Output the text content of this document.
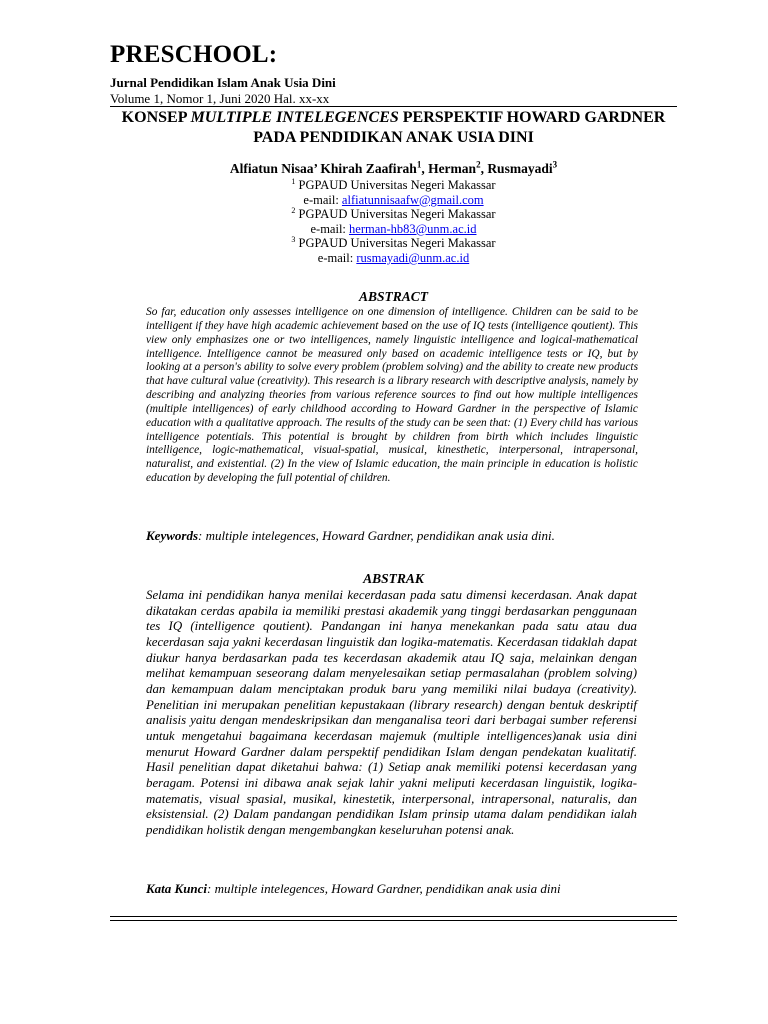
PRESCHOOL:
Jurnal Pendidikan Islam Anak Usia Dini
Volume 1, Nomor 1, Juni 2020 Hal. xx-xx
KONSEP MULTIPLE INTELEGENCES PERSPEKTIF HOWARD GARDNER PADA PENDIDIKAN ANAK USIA DINI
Alfiatun Nisaa’ Khirah Zaafirah$^1$, Herman$^2$, Rusmayadi$^3$
$^1$ PGPAUD Universitas Negeri Makassar
e-mail: alfiatunnisaafw@gmail.com
$^2$ PGPAUD Universitas Negeri Makassar
e-mail: herman-hb83@unm.ac.id
$^3$ PGPAUD Universitas Negeri Makassar
e-mail: rusmayadi@unm.ac.id
ABSTRACT

So far, education only assesses intelligence on one dimension of intelligence. Children can be said to be intelligent if they have high academic achievement based on the use of IQ tests (intelligence qoutient). This view only emphasizes one or two intelligences, namely linguistic intelligence and logical-mathematical intelligence. Intelligence cannot be measured only based on academic intelligence tests or IQ, but by looking at a person's ability to solve every problem (problem solving) and the ability to create new products that have cultural value (creativity). This research is a library research with descriptive analysis, namely by describing and analyzing theories from various reference sources to find out how multiple intelligences (multiple intelligences) of early childhood according to Howard Gardner in the perspective of Islamic education with a qualitative approach. The results of the study can be seen that: (1) Every child has various intelligence potentials. This potential is brought by children from birth which includes linguistic intelligence, logic-mathematical, visual-spatial, musical, kinesthetic, interpersonal, intrapersonal, naturalist, and existential. (2) In the view of Islamic education, the main principle in education is holistic education by developing the full potential of children.

Keywords: multiple intelegences, Howard Gardner, pendidikan anak usia dini.
ABSTRAK

Selama ini pendidikan hanya menilai kecerdasan pada satu dimensi kecerdasan. Anak dapat dikatakan cerdas apabila ia memiliki prestasi akademik yang tinggi berdasarkan penggunaan tes IQ (intelligence qoutient). Pandangan ini hanya menekankan pada satu atau dua kecerdasan saja yakni kecerdasan linguistik dan logika-matematis. Kecerdasan tidaklah dapat diukur hanya berdasarkan pada tes kecerdasan akademik atau IQ saja, melainkan dengan melihat kemampuan seseorang dalam menyelesaikan setiap permasalahan (problem solving) dan kemampuan dalam menciptakan produk baru yang memiliki nilai budaya (creativity). Penelitian ini merupakan penelitian kepustakaan (library research) dengan bentuk deskriptif analisis yaitu dengan mendeskripsikan dan menganalisa teori dari berbagai sumber referensi untuk mengetahui bagaimana kecerdasan majemuk (multiple intelligences)anak usia dini menurut Howard Gardner dalam perspektif pendidikan Islam dengan pendekatan kualitatif. Hasil penelitian dapat diketahui bahwa: (1) Setiap anak memiliki potensi kecerdasan yang beragam. Potensi ini dibawa anak sejak lahir yakni meliputi kecerdasan linguistik, logika-matematis, visual spasial, musikal, kinestetik, interpersonal, intrapersonal, naturalis, dan eksistensial. (2) Dalam pandangan pendidikan Islam prinsip utama dalam pendidikan ialah pendidikan holistik dengan mengembangkan keseluruhan potensi anak.

Kata Kunci: multiple intelegences, Howard Gardner, pendidikan anak usia dini
